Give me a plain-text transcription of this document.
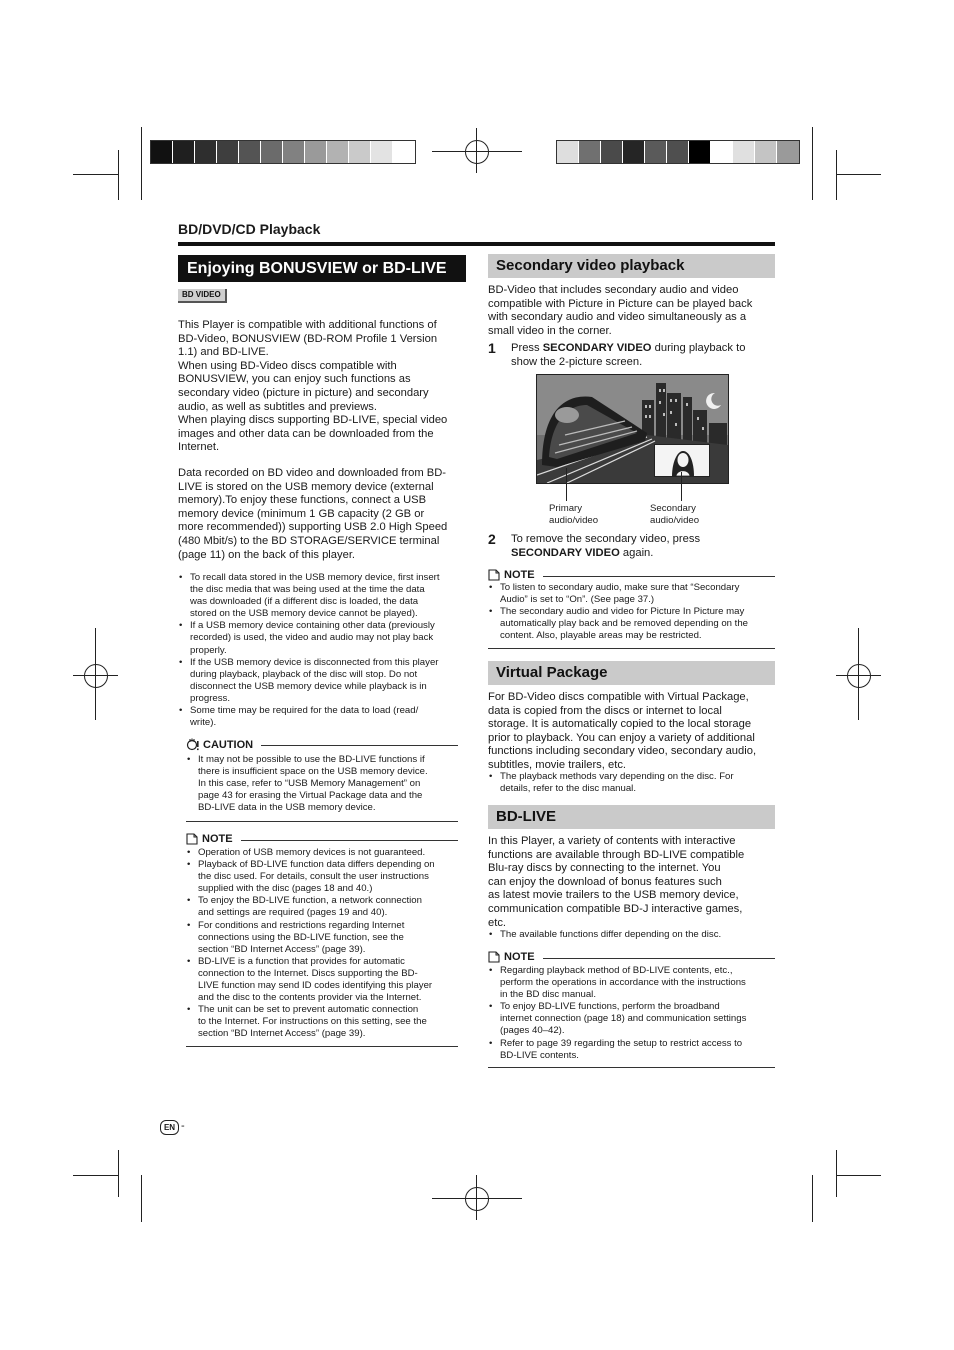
BD/DVD/CD Playback
Enjoying BONUSVIEW or BD-LIVE
BD VIDEO
This Player is compatible with additional functions of
BD-Video, BONUSVIEW (BD-ROM Profile 1 Version
1.1) and BD-LIVE.
When using BD-Video discs compatible with
BONUSVIEW, you can enjoy such functions as
secondary video (picture in picture) and secondary
audio, as well as subtitles and previews.
When playing discs supporting BD-LIVE, special video
images and other data can be downloaded from the
Internet.
Data recorded on BD video and downloaded from BD-
LIVE is stored on the USB memory device (external
memory).To enjoy these functions, connect a USB
memory device (minimum 1 GB capacity (2 GB or
more recommended)) supporting USB 2.0 High Speed
(480 Mbit/s) to the BD STORAGE/SERVICE terminal
(page 11) on the back of this player.
• To recall data stored in the USB memory device, first insert
the disc media that was being used at the time the data
was downloaded (if a different disc is loaded, the data
stored on the USB memory device cannot be played).
• If a USB memory device containing other data (previously
recorded) is used, the video and audio may not play back
properly.
• If the USB memory device is disconnected from this player
during playback, playback of the disc will stop. Do not
disconnect the USB memory device while playback is in
progress.
• Some time may be required for the data to load (read/
write).
CAUTION
• It may not be possible to use the BD-LIVE functions if
there is insufficient space on the USB memory device.
In this case, refer to “USB Memory Management” on
page 43 for erasing the Virtual Package data and the
BD-LIVE data in the USB memory device.
NOTE
• Operation of USB memory devices is not guaranteed.
• Playback of BD-LIVE function data differs depending on
the disc used. For details, consult the user instructions
supplied with the disc (pages 18 and 40.)
• To enjoy the BD-LIVE function, a network connection
and settings are required (pages 19 and 40).
• For conditions and restrictions regarding Internet
connections using the BD-LIVE function, see the
section “BD Internet Access” (page 39).
• BD-LIVE is a function that provides for automatic
connection to the Internet. Discs supporting the BD-
LIVE function may send ID codes identifying this player
and the disc to the contents provider via the Internet.
• The unit can be set to prevent automatic connection
to the Internet. For instructions on this setting, see the
section “BD Internet Access” (page 39).
Secondary video playback
BD-Video that includes secondary audio and video
compatible with Picture in Picture can be played back
with secondary audio and video simultaneously as a
small video in the corner.
1 Press SECONDARY VIDEO during playback to
show the 2-picture screen.
Primary
audio/video
Secondary
audio/video
2 To remove the secondary video, press
SECONDARY VIDEO again.
NOTE
• To listen to secondary audio, make sure that “Secondary
Audio” is set to “On”. (See page 37.)
• The secondary audio and video for Picture In Picture may
automatically play back and be removed depending on the
content. Also, playable areas may be restricted.
Virtual Package
For BD-Video discs compatible with Virtual Package,
data is copied from the discs or internet to local
storage. It is automatically copied to the local storage
prior to playback. You can enjoy a variety of additional
functions including secondary video, secondary audio,
subtitles, movie trailers, etc.
• The playback methods vary depending on the disc. For
details, refer to the disc manual.
BD-LIVE
In this Player, a variety of contents with interactive
functions are available through BD-LIVE compatible
Blu-ray discs by connecting to the internet. You
can enjoy the download of bonus features such
as latest movie trailers to the USB memory device,
communication compatible BD-J interactive games,
etc.
• The available functions differ depending on the disc.
NOTE
• Regarding playback method of BD-LIVE contents, etc.,
perform the operations in accordance with the instructions
in the BD disc manual.
• To enjoy BD-LIVE functions, perform the broadband
internet connection (page 18) and communication settings
(pages 40–42).
• Refer to page 39 regarding the setup to restrict access to
BD-LIVE contents.
EN -
